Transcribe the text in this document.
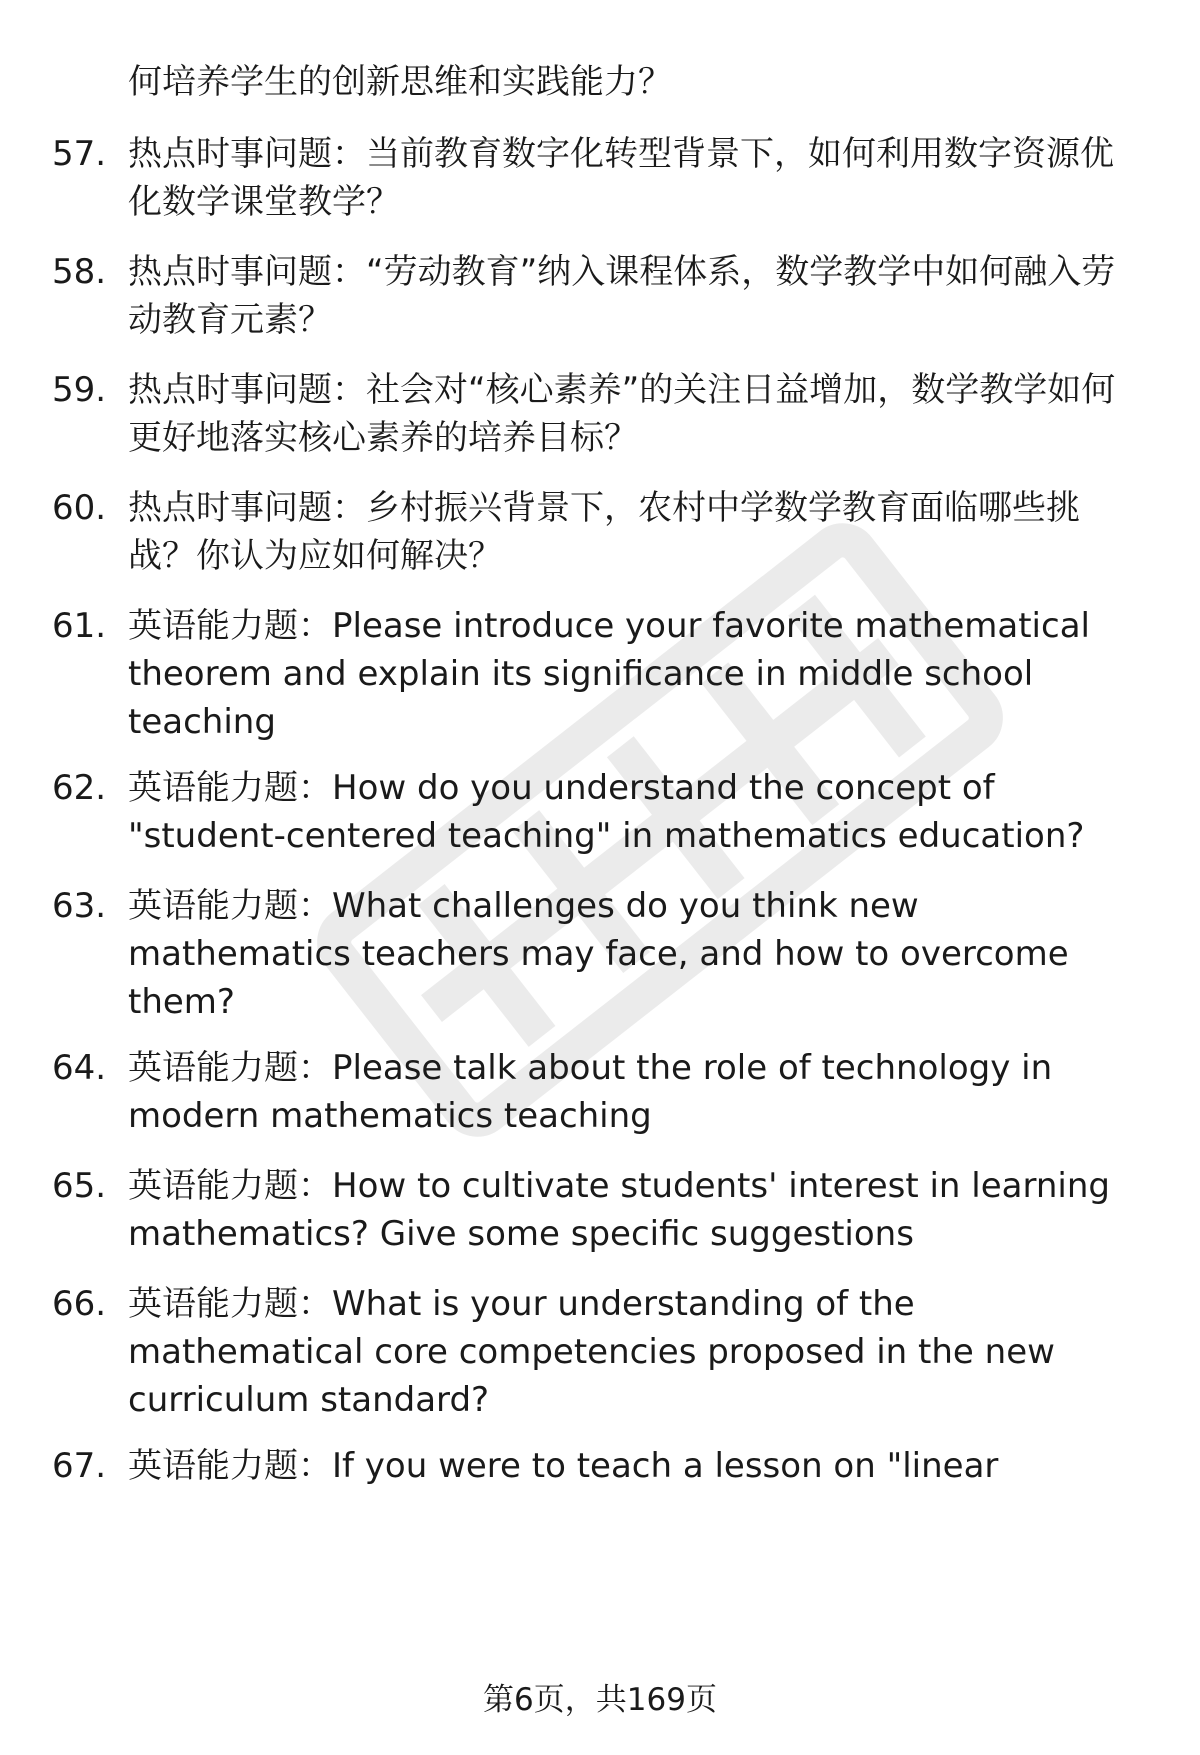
何培养学生的创新思维和实践能力？

57. 热点时事问题：当前教育数字化转型背景下，如何利用数字资源优化数学课堂教学？

58. 热点时事问题：“劳动教育”纳入课程体系，数学教学中如何融入劳动教育元素？

59. 热点时事问题：社会对“核心素养”的关注日益增加，数学教学如何更好地落实核心素养的培养目标？

60. 热点时事问题：乡村振兴背景下，农村中学数学教育面临哪些挑战？你认为应如何解决？

61. 英语能力题：Please introduce your favorite mathematical theorem and explain its significance in middle school teaching

62. 英语能力题：How do you understand the concept of "student-centered teaching" in mathematics education?

63. 英语能力题：What challenges do you think new mathematics teachers may face, and how to overcome them?

64. 英语能力题：Please talk about the role of technology in modern mathematics teaching

65. 英语能力题：How to cultivate students' interest in learning mathematics? Give some specific suggestions

66. 英语能力题：What is your understanding of the mathematical core competencies proposed in the new curriculum standard?

67. 英语能力题：If you were to teach a lesson on "linear

第6页，共169页
